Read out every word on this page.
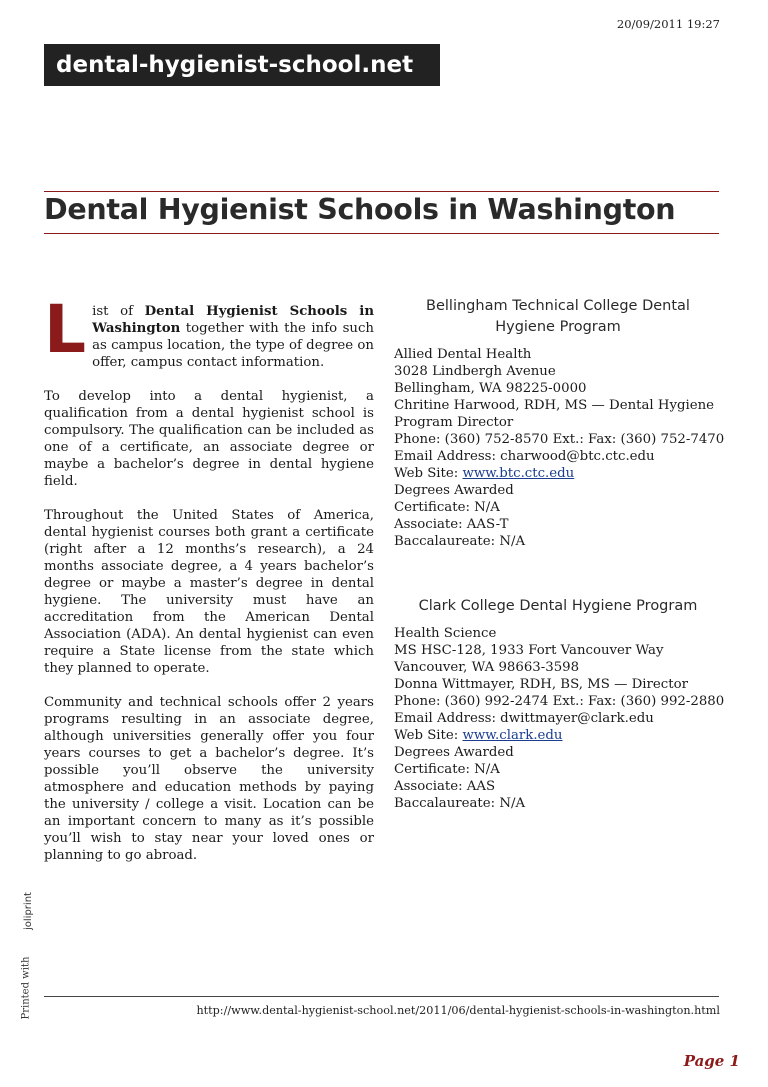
20/09/2011 19:27
dental-hygienist-school.net
Dental Hygienist Schools in Washington

List of Dental Hygienist Schools in Washington together with the info such as campus location, the type of degree on offer, campus contact information.

To develop into a dental hygienist, a qualification from a dental hygienist school is compulsory. The qualification can be included as one of a certificate, an associate degree or maybe a bachelor’s degree in dental hygiene field.

Throughout the United States of America, dental hygienist courses both grant a certificate (right after a 12 months’s research), a 24 months associate degree, a 4 years bachelor’s degree or maybe a master’s degree in dental hygiene. The university must have an accreditation from the American Dental Association (ADA). An dental hygienist can even require a State license from the state which they planned to operate.

Community and technical schools offer 2 years programs resulting in an associate degree, although universities generally offer you four years courses to get a bachelor’s degree. It’s possible you’ll observe the university atmosphere and education methods by paying the university / college a visit. Location can be an important concern to many as it’s possible you’ll wish to stay near your loved ones or planning to go abroad.

Bellingham Technical College Dental Hygiene Program
Allied Dental Health
3028 Lindbergh Avenue
Bellingham, WA 98225-0000
Chritine Harwood, RDH, MS — Dental Hygiene Program Director
Phone: (360) 752-8570 Ext.: Fax: (360) 752-7470
Email Address: charwood@btc.ctc.edu
Web Site: www.btc.ctc.edu
Degrees Awarded
Certificate: N/A
Associate: AAS-T
Baccalaureate: N/A
Clark College Dental Hygiene Program
Health Science
MS HSC-128, 1933 Fort Vancouver Way
Vancouver, WA 98663-3598
Donna Wittmayer, RDH, BS, MS — Director
Phone: (360) 992-2474 Ext.: Fax: (360) 992-2880
Email Address: dwittmayer@clark.edu
Web Site: www.clark.edu
Degrees Awarded
Certificate: N/A
Associate: AAS
Baccalaureate: N/A
joliprint
Printed with	http://www.dental-hygienist-school.net/2011/06/dental-hygienist-schools-in-washington.html
Page 1
